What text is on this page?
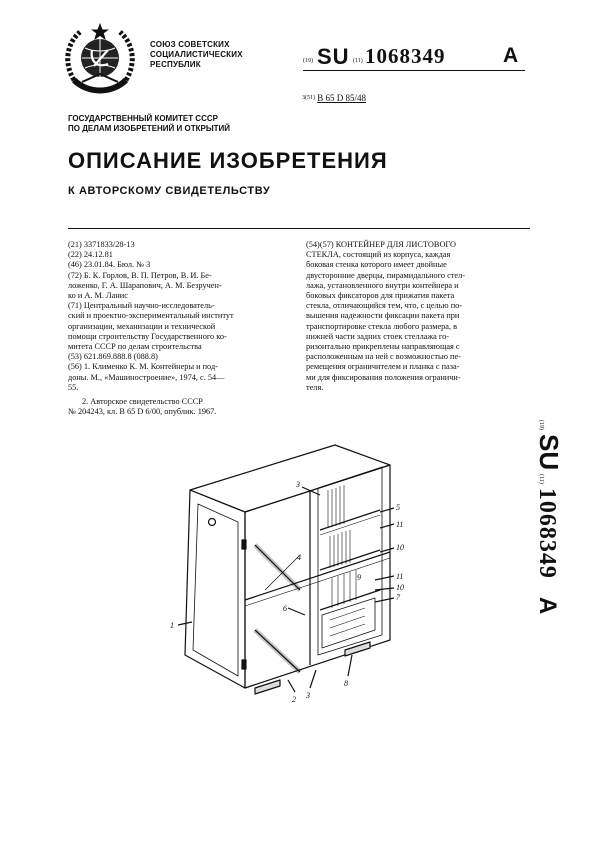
СОЮЗ СОВЕТСКИХ
СОЦИАЛИСТИЧЕСКИХ
РЕСПУБЛИК	(19) SU (11) 1068349	A
$^{3(51)}$ B 65 D 85/48
ГОСУДАРСТВЕННЫЙ КОМИТЕТ СССР
ПО ДЕЛАМ ИЗОБРЕТЕНИЙ И ОТКРЫТИЙ
ОПИСАНИЕ ИЗОБРЕТЕНИЯ
К АВТОРСКОМУ СВИДЕТЕЛЬСТВУ
(21) 3371833/28-13
(22) 24.12.81
(46) 23.01.84. Бюл. № 3
(72) Б. К. Горлов, В. П. Петров, В. И. Бе-
ложенко, Г. А. Шарапович, А. М. Безручен-
ко и А. М. Ланис
(71) Центральный научно-исследователь-
ский и проектно-экспериментальный институт
организации, механизации и технической
помощи строительству Государственного ко-
митета СССР по делам строительства
(53) 621.869.888.8 (088.8)
(56) 1. Клименко К. М. Контейнеры и под-
доны. М., «Машиностроение», 1974, с. 54—
55.
2. Авторское свидетельство СССР
№ 204243, кл. B 65 D 6/00, опублик. 1967.
(54)(57) КОНТЕЙНЕР ДЛЯ ЛИСТОВОГО
СТЕКЛА, состоящий из корпуса, каждая
боковая стенка которого имеет двойные
двусторонние дверцы, пирамидального стел-
лажа, установленного внутри контейнера и
боковых фиксаторов для прижатия пакета
стекла, отличающийся тем, что, с целью по-
вышения надежности фиксации пакета при
транспортировке стекла любого размера, в
нижней части задних стоек стеллажа го-
ризонтально прикреплены направляющая с
расположенным на ней с возможностью пе-
ремещения ограничителем и планка с паза-
ми для фиксирования положения ограничи-
теля.
(19) SU (11) 1068349 A
1
2 3
3
4
5
6
7
8
9
10
10
11
11
